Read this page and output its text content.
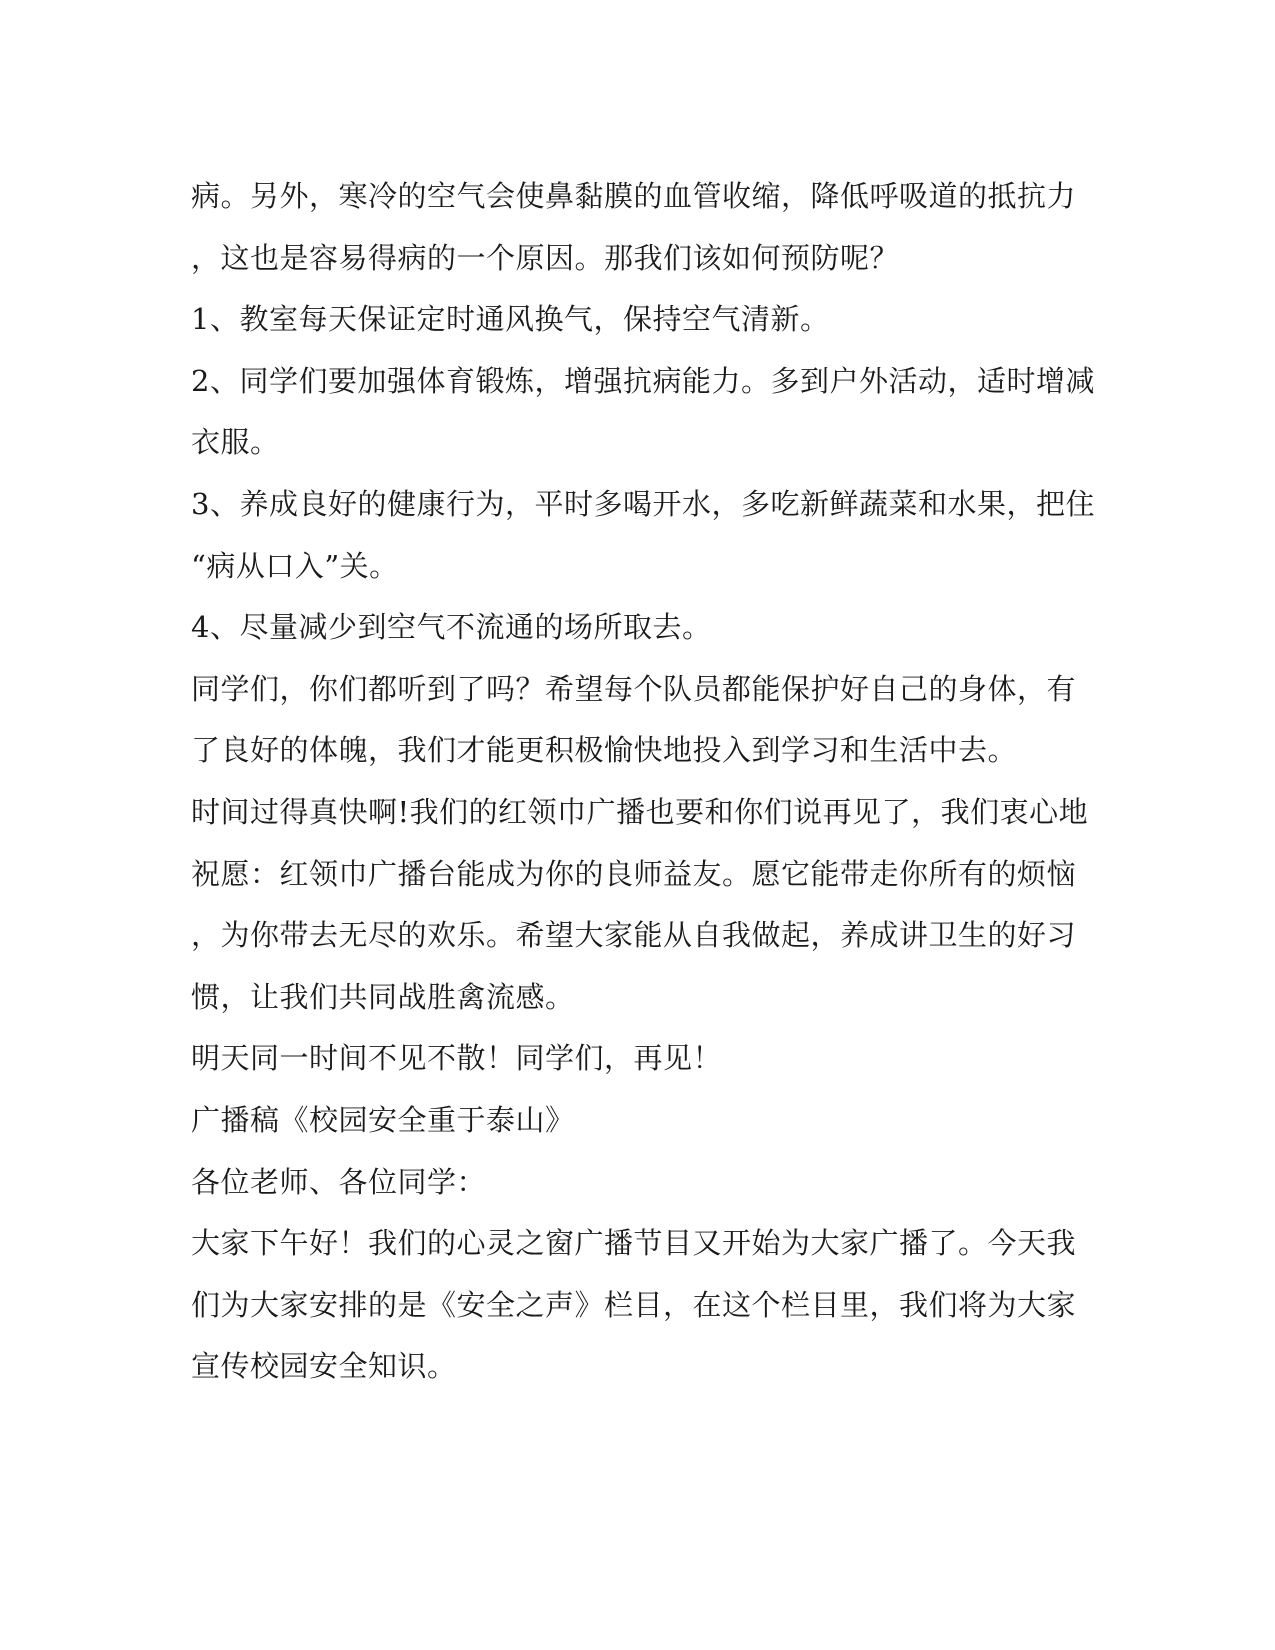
病。另外，寒冷的空气会使鼻黏膜的血管收缩，降低呼吸道的抵抗力
，这也是容易得病的一个原因。那我们该如何预防呢？
1、教室每天保证定时通风换气，保持空气清新。
2、同学们要加强体育锻炼，增强抗病能力。多到户外活动，适时增减
衣服。
3、养成良好的健康行为，平时多喝开水，多吃新鲜蔬菜和水果，把住
“病从口入”关。
4、尽量减少到空气不流通的场所取去。
同学们，你们都听到了吗？希望每个队员都能保护好自己的身体，有
了良好的体魄，我们才能更积极愉快地投入到学习和生活中去。
时间过得真快啊!我们的红领巾广播也要和你们说再见了，我们衷心地
祝愿：红领巾广播台能成为你的良师益友。愿它能带走你所有的烦恼
，为你带去无尽的欢乐。希望大家能从自我做起，养成讲卫生的好习
惯，让我们共同战胜禽流感。
明天同一时间不见不散！同学们，再见！
广播稿《校园安全重于泰山》
各位老师、各位同学：
大家下午好！我们的心灵之窗广播节目又开始为大家广播了。今天我
们为大家安排的是《安全之声》栏目，在这个栏目里，我们将为大家
宣传校园安全知识。
